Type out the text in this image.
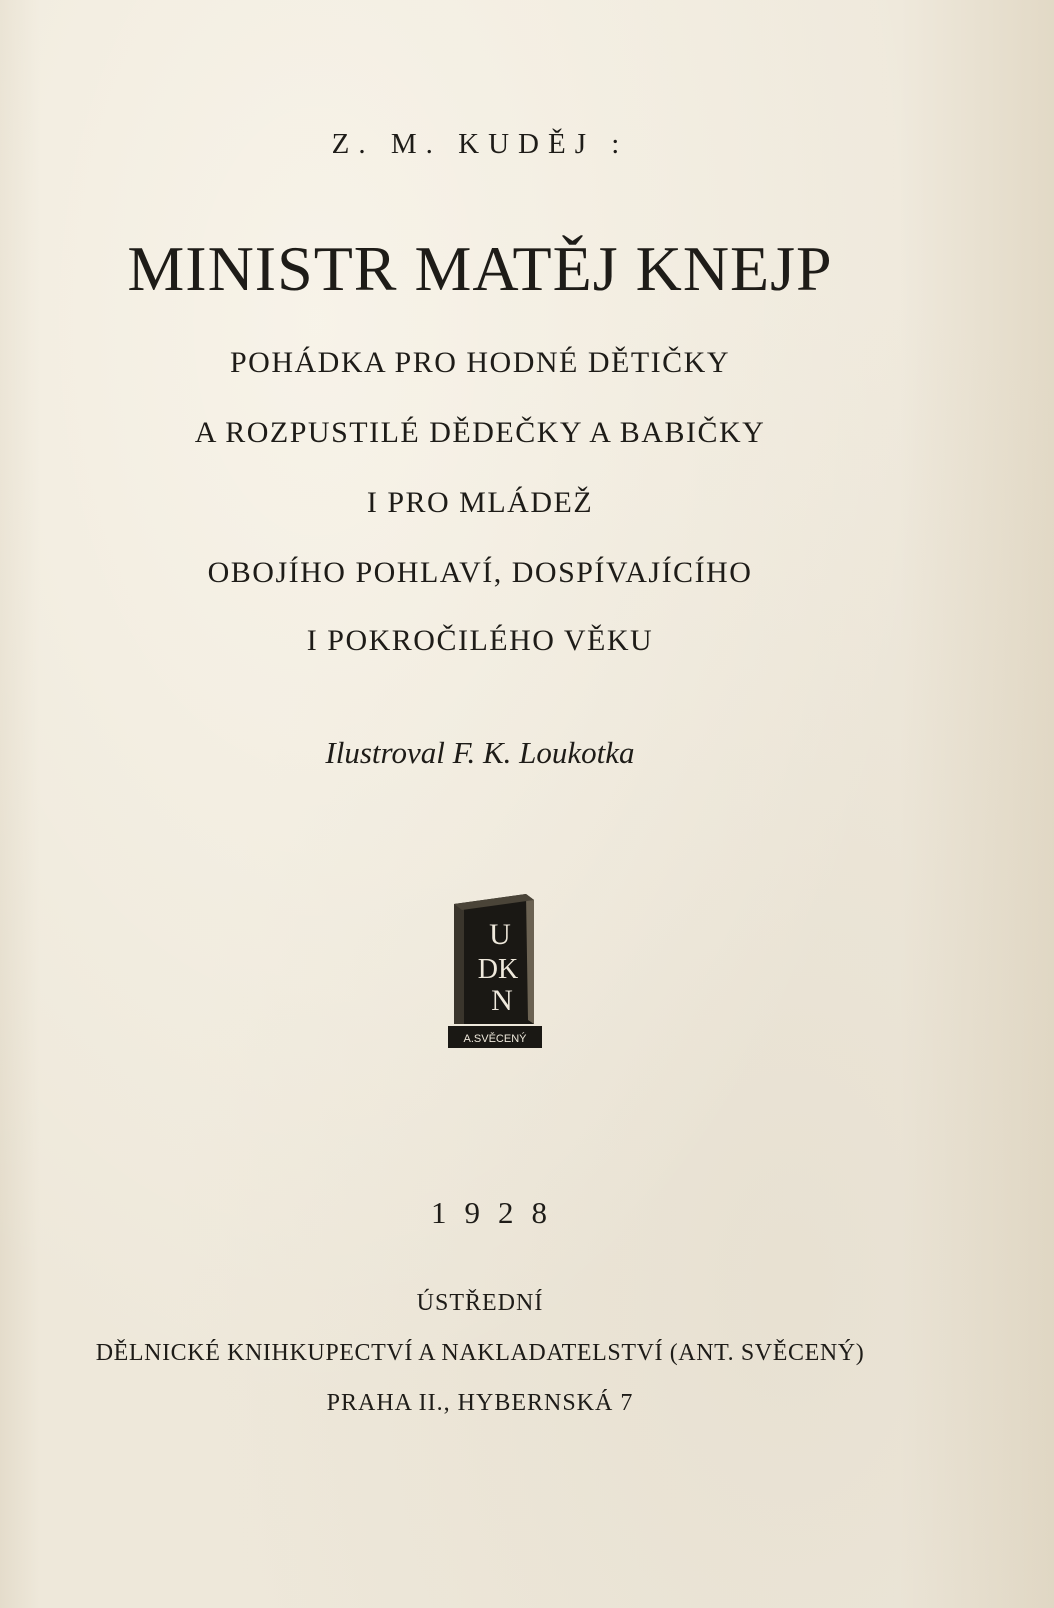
Z. M. KUDĚJ :

MINISTR MATĚJ KNEJP

POHÁDKA PRO HODNÉ DĚTIČKY

A ROZPUSTILÉ DĚDEČKY A BABIČKY

I PRO MLÁDEŽ

OBOJÍHO POHLAVÍ, DOSPÍVAJÍCÍHO

I POKROČILÉHO VĚKU

Ilustroval F. K. Loukotka

U
DK
N
A.SVĚCENÝ

1928

ÚSTŘEDNÍ

DĚLNICKÉ KNIHKUPECTVÍ A NAKLADATELSTVÍ (ANT. SVĚCENÝ)

PRAHA II., HYBERNSKÁ 7
